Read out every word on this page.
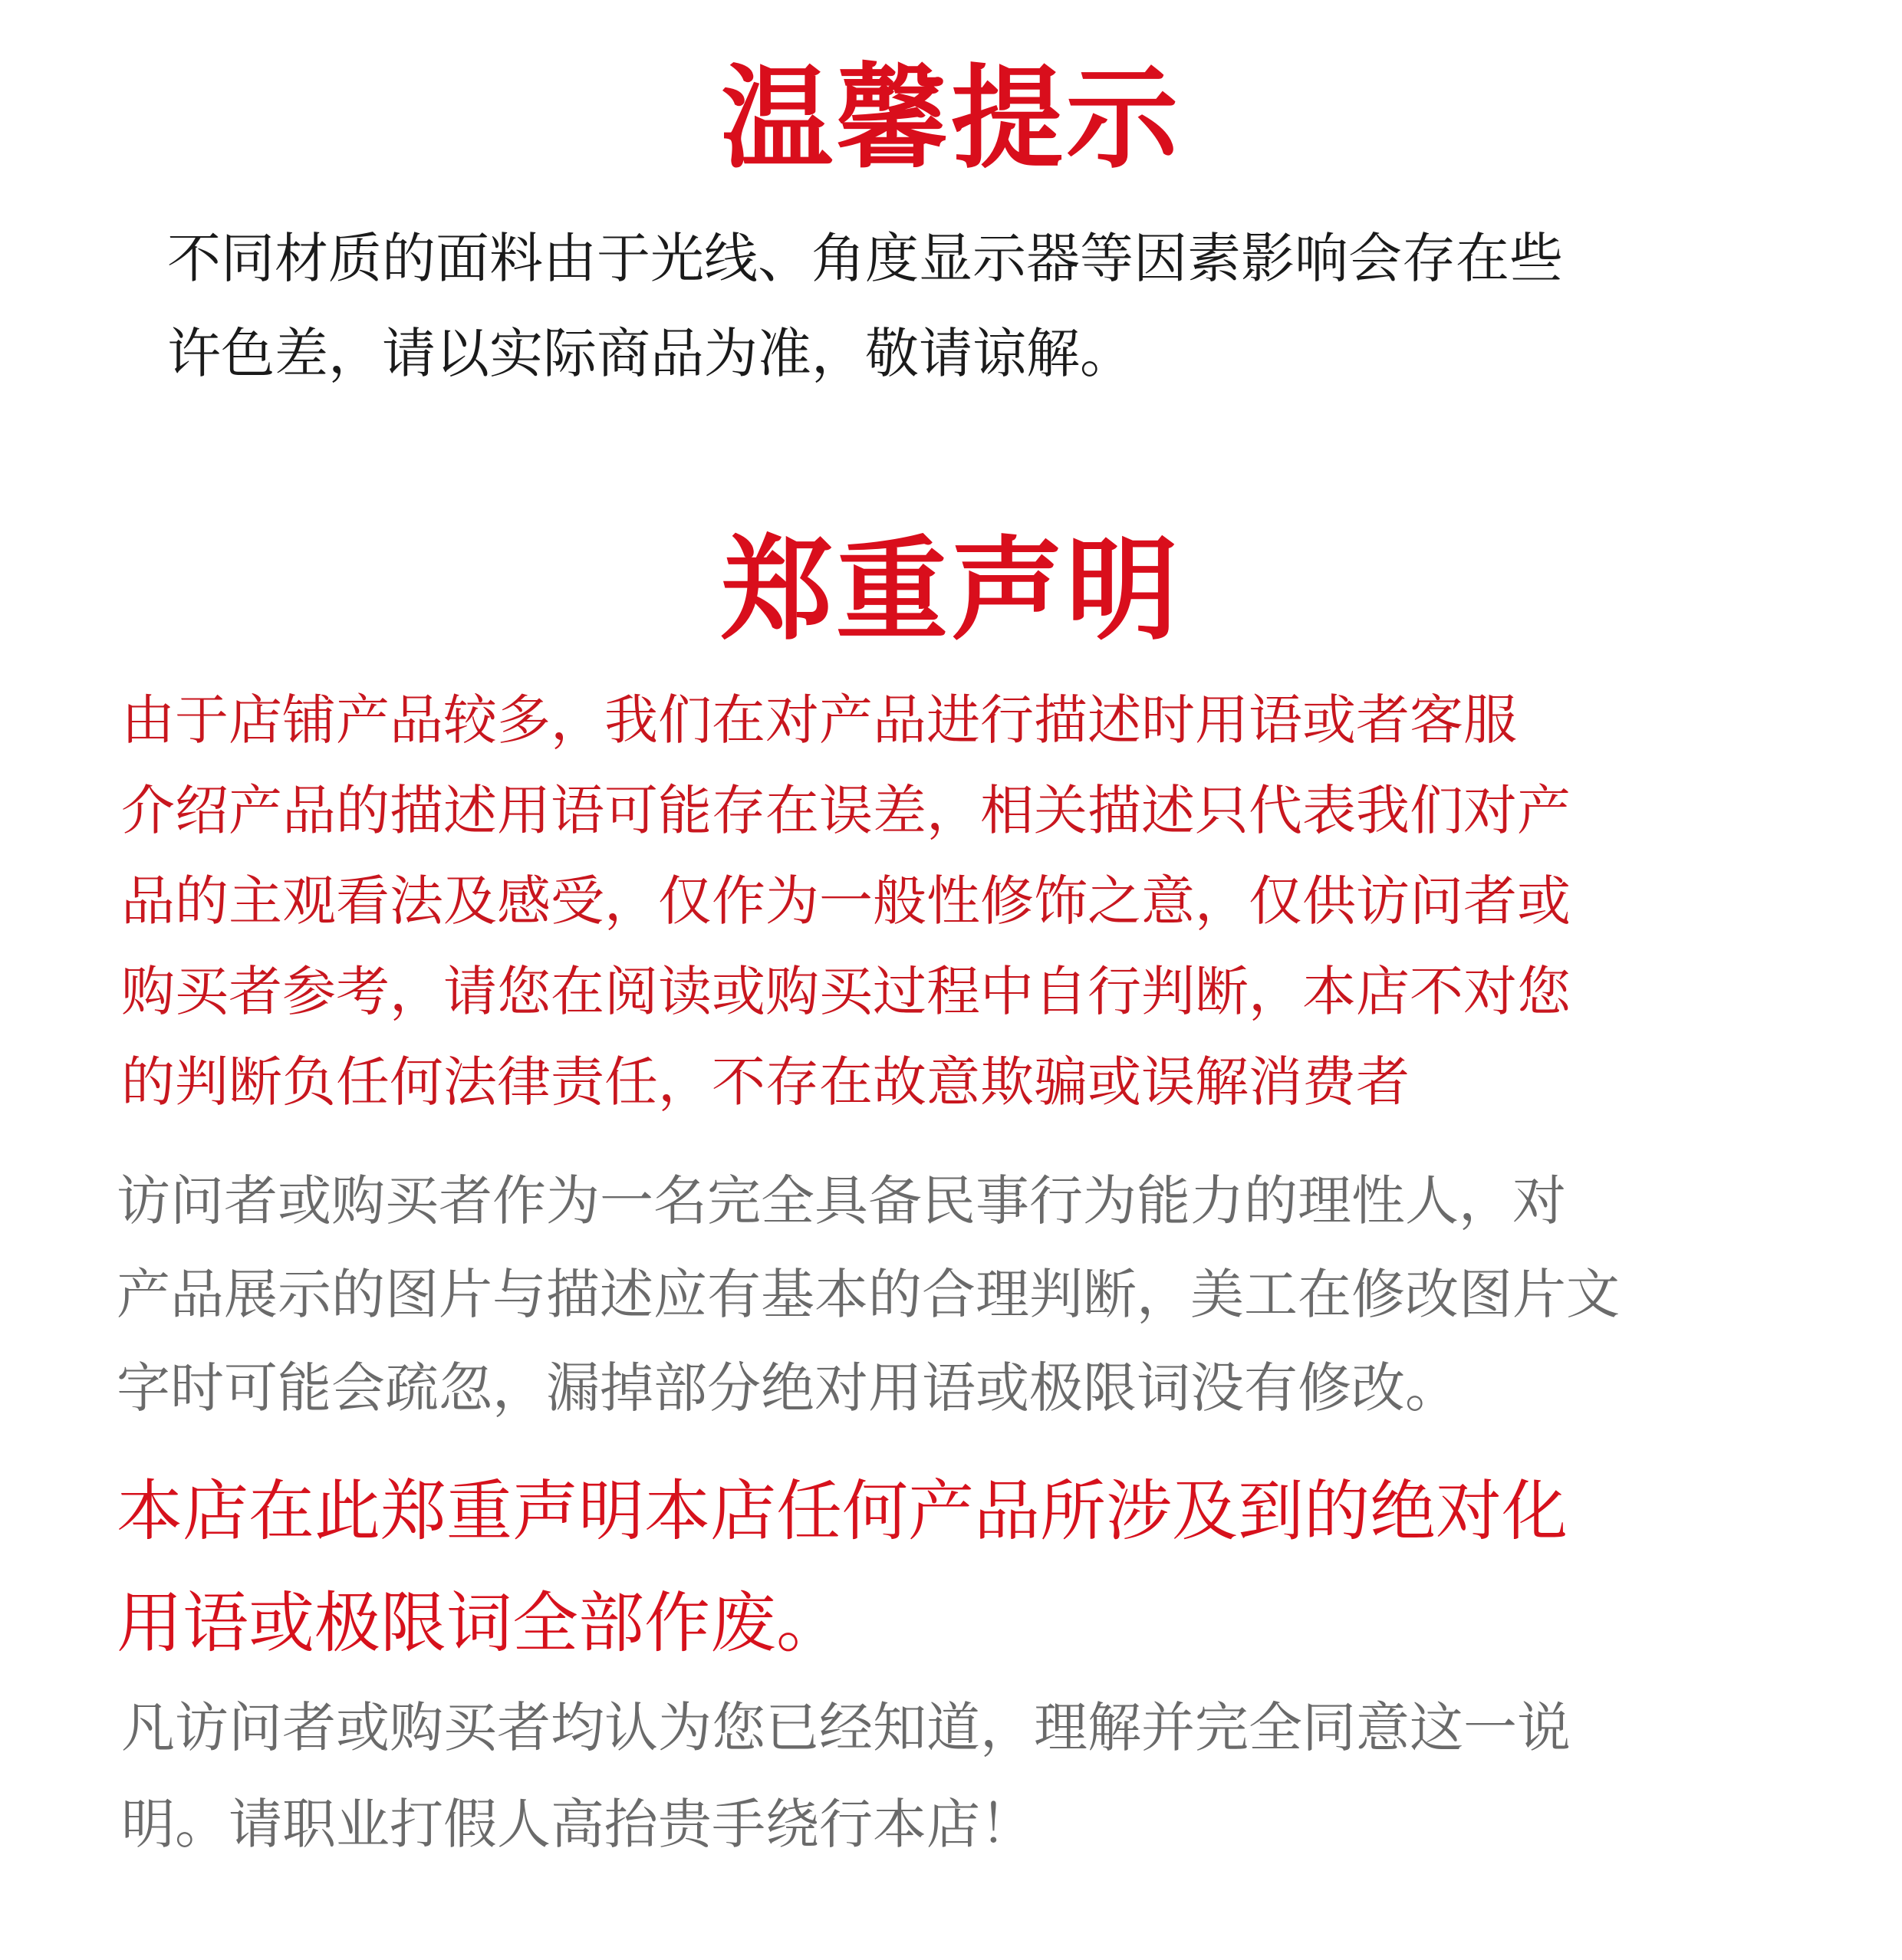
温馨提示

不同材质的面料由于光线、角度显示器等因素影响会存在些
许色差，请以实际商品为准，敬请谅解。

郑重声明

由于店铺产品较多，我们在对产品进行描述时用语或者客服
介绍产品的描述用语可能存在误差，相关描述只代表我们对产
品的主观看法及感受，仅作为一般性修饰之意，仅供访问者或
购买者参考，请您在阅读或购买过程中自行判断，本店不对您
的判断负任何法律责任，不存在故意欺骗或误解消费者

访问者或购买者作为一名完全具备民事行为能力的理性人，对
产品展示的图片与描述应有基本的合理判断，美工在修改图片文
字时可能会疏忽，漏掉部分绝对用语或极限词没有修改。

本店在此郑重声明本店任何产品所涉及到的绝对化
用语或极限词全部作废。

凡访问者或购买者均认为您已经知道，理解并完全同意这一说
明。请职业打假人高抬贵手绕行本店！
